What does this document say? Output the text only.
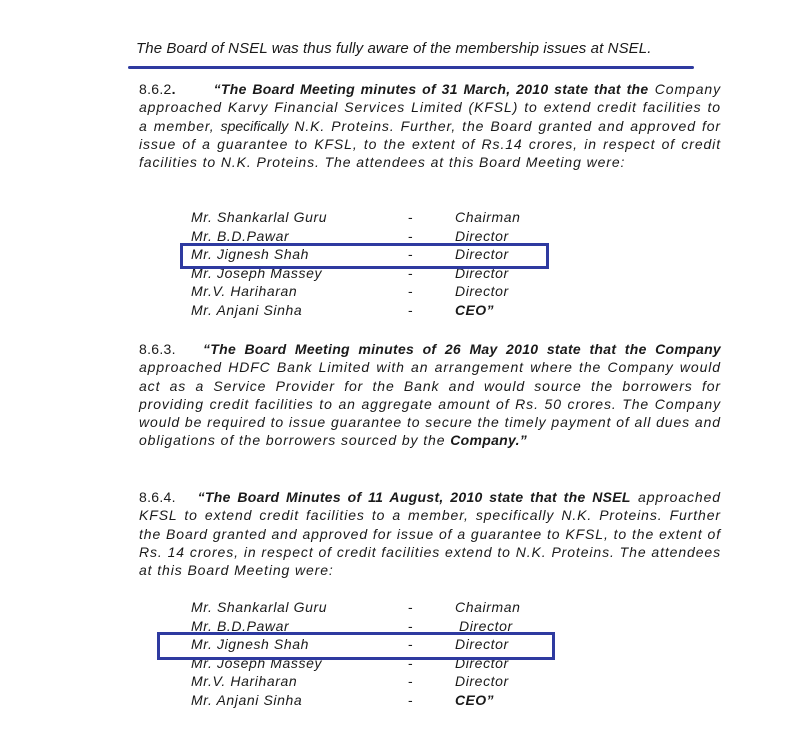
The Board of NSEL was thus fully aware of the membership issues at NSEL.
8.6.2.	“The Board Meeting minutes of 31 March, 2010 state that the Company approached Karvy Financial Services Limited (KFSL) to extend credit facilities to a member, specifically N.K. Proteins. Further, the Board granted and approved for issue of a guarantee to KFSL, to the extent of Rs.14 crores, in respect of credit facilities to N.K. Proteins. The attendees at this Board Meeting were:
Mr. Shankarlal Guru	-	Chairman
Mr. B.D.Pawar	-	Director
Mr. Jignesh Shah	-	Director
Mr. Joseph Massey	-	Director
Mr.V. Hariharan	-	Director
Mr. Anjani Sinha	-	CEO”
8.6.3. “The Board Meeting minutes of 26 May 2010 state that the Company approached HDFC Bank Limited with an arrangement where the Company would act as a Service Provider for the Bank and would source the borrowers for providing credit facilities to an aggregate amount of Rs. 50 crores. The Company would be required to issue guarantee to secure the timely payment of all dues and obligations of the borrowers sourced by the Company.”
8.6.4. “The Board Minutes of 11 August, 2010 state that the NSEL approached KFSL to extend credit facilities to a member, specifically N.K. Proteins. Further the Board granted and approved for issue of a guarantee to KFSL, to the extent of Rs. 14 crores, in respect of credit facilities extend to N.K. Proteins. The attendees at this Board Meeting were:
Mr. Shankarlal Guru	-	Chairman
Mr. B.D.Pawar	-	Director
Mr. Jignesh Shah	-	Director
Mr. Joseph Massey	-	Director
Mr.V. Hariharan	-	Director
Mr. Anjani Sinha	-	CEO”
